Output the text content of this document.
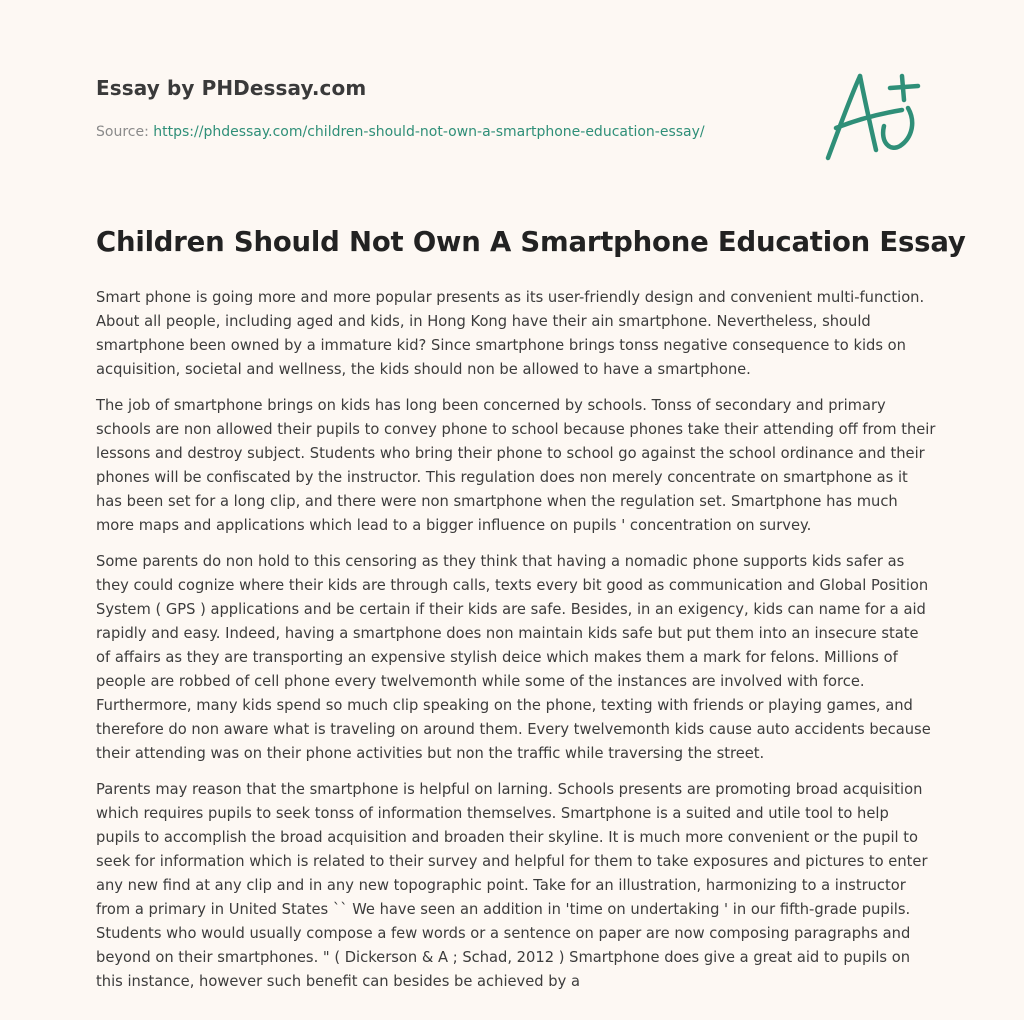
Essay by PHDessay.com
Source: https://phdessay.com/children-should-not-own-a-smartphone-education-essay/
Children Should Not Own A Smartphone Education Essay

Smart phone is going more and more popular presents as its user-friendly design and convenient multi-function. About all people, including aged and kids, in Hong Kong have their ain smartphone. Nevertheless, should smartphone been owned by a immature kid? Since smartphone brings tonss negative consequence to kids on acquisition, societal and wellness, the kids should non be allowed to have a smartphone.

The job of smartphone brings on kids has long been concerned by schools. Tonss of secondary and primary schools are non allowed their pupils to convey phone to school because phones take their attending off from their lessons and destroy subject. Students who bring their phone to school go against the school ordinance and their phones will be confiscated by the instructor. This regulation does non merely concentrate on smartphone as it has been set for a long clip, and there were non smartphone when the regulation set. Smartphone has much more maps and applications which lead to a bigger influence on pupils ' concentration on survey.

Some parents do non hold to this censoring as they think that having a nomadic phone supports kids safer as they could cognize where their kids are through calls, texts every bit good as communication and Global Position System ( GPS ) applications and be certain if their kids are safe. Besides, in an exigency, kids can name for a aid rapidly and easy. Indeed, having a smartphone does non maintain kids safe but put them into an insecure state of affairs as they are transporting an expensive stylish deice which makes them a mark for felons. Millions of people are robbed of cell phone every twelvemonth while some of the instances are involved with force. Furthermore, many kids spend so much clip speaking on the phone, texting with friends or playing games, and therefore do non aware what is traveling on around them. Every twelvemonth kids cause auto accidents because their attending was on their phone activities but non the traffic while traversing the street.

Parents may reason that the smartphone is helpful on larning. Schools presents are promoting broad acquisition which requires pupils to seek tonss of information themselves. Smartphone is a suited and utile tool to help pupils to accomplish the broad acquisition and broaden their skyline. It is much more convenient or the pupil to seek for information which is related to their survey and helpful for them to take exposures and pictures to enter any new find at any clip and in any new topographic point. Take for an illustration, harmonizing to a instructor from a primary in United States `` We have seen an addition in 'time on undertaking ' in our fifth-grade pupils. Students who would usually compose a few words or a sentence on paper are now composing paragraphs and beyond on their smartphones. " ( Dickerson & A ; Schad, 2012 ) Smartphone does give a great aid to pupils on this instance, however such benefit can besides be achieved by a
